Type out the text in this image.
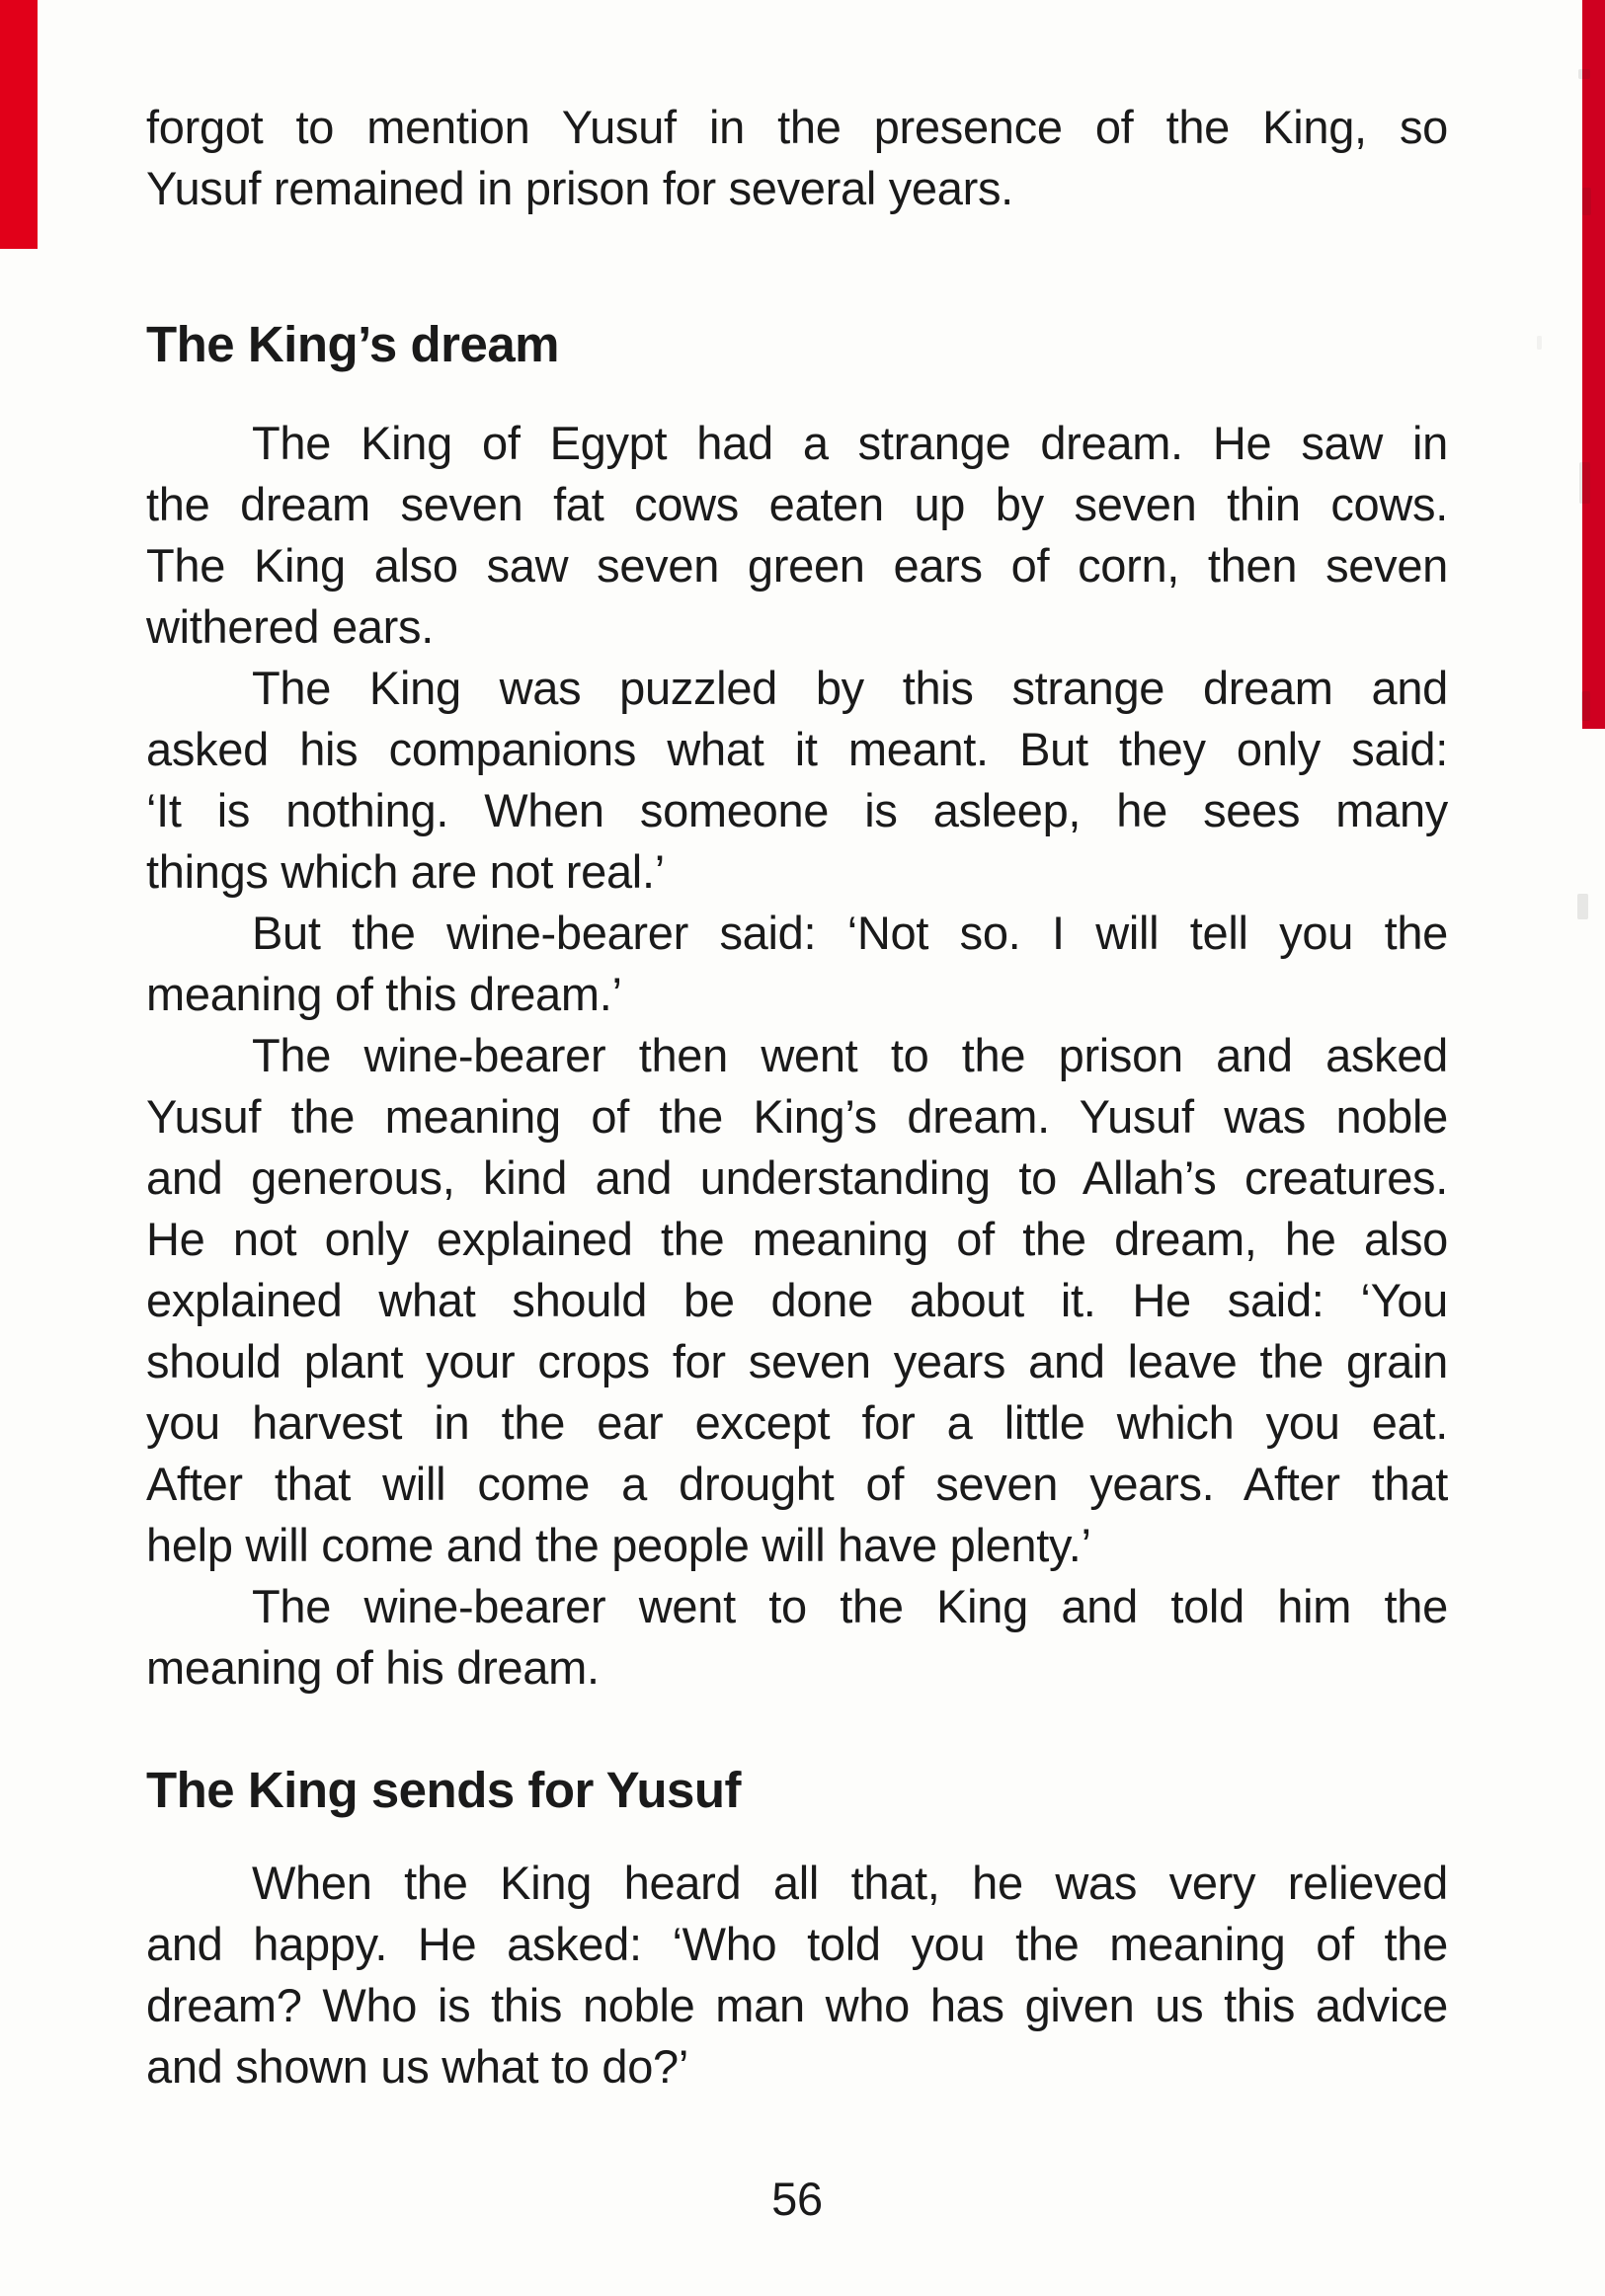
forgot to mention Yusuf in the presence of the King, so
Yusuf remained in prison for several years.
The King’s dream
The King of Egypt had a strange dream. He saw in
the dream seven fat cows eaten up by seven thin cows.
The King also saw seven green ears of corn, then seven
withered ears.
The King was puzzled by this strange dream and
asked his companions what it meant. But they only said:
‘It is nothing. When someone is asleep, he sees many
things which are not real.’
But the wine-bearer said: ‘Not so. I will tell you the
meaning of this dream.’
The wine-bearer then went to the prison and asked
Yusuf the meaning of the King’s dream. Yusuf was noble
and generous, kind and understanding to Allah’s creatures.
He not only explained the meaning of the dream, he also
explained what should be done about it. He said: ‘You
should plant your crops for seven years and leave the grain
you harvest in the ear except for a little which you eat.
After that will come a drought of seven years. After that
help will come and the people will have plenty.’
The wine-bearer went to the King and told him the
meaning of his dream.
The King sends for Yusuf
When the King heard all that, he was very relieved
and happy. He asked: ‘Who told you the meaning of the
dream? Who is this noble man who has given us this advice
and shown us what to do?’
56
